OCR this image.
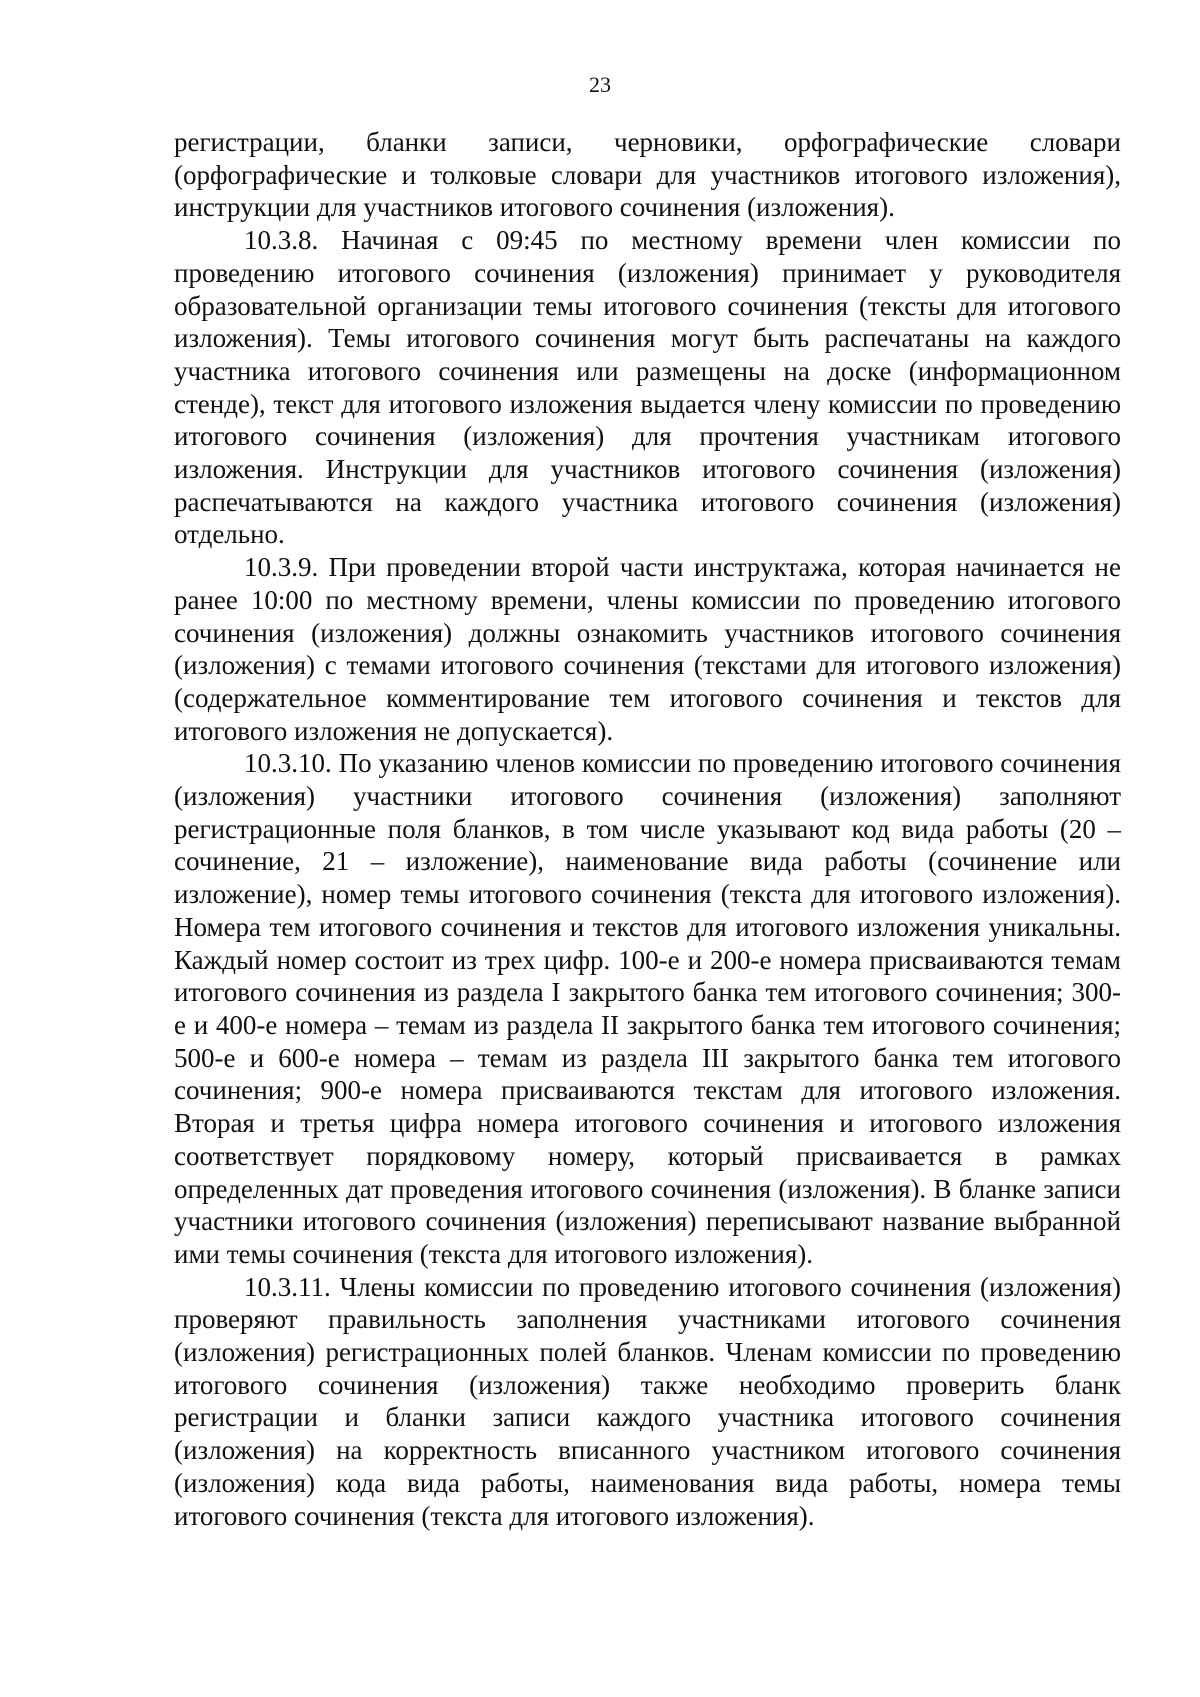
23

регистрации, бланки записи, черновики, орфографические словари (орфографические и толковые словари для участников итогового изложения), инструкции для участников итогового сочинения (изложения).

10.3.8. Начиная с 09:45 по местному времени член комиссии по проведению итогового сочинения (изложения) принимает у руководителя образовательной организации темы итогового сочинения (тексты для итогового изложения). Темы итогового сочинения могут быть распечатаны на каждого участника итогового сочинения или размещены на доске (информационном стенде), текст для итогового изложения выдается члену комиссии по проведению итогового сочинения (изложения) для прочтения участникам итогового изложения. Инструкции для участников итогового сочинения (изложения) распечатываются на каждого участника итогового сочинения (изложения) отдельно.

10.3.9. При проведении второй части инструктажа, которая начинается не ранее 10:00 по местному времени, члены комиссии по проведению итогового сочинения (изложения) должны ознакомить участников итогового сочинения (изложения) с темами итогового сочинения (текстами для итогового изложения) (содержательное комментирование тем итогового сочинения и текстов для итогового изложения не допускается).

10.3.10. По указанию членов комиссии по проведению итогового сочинения (изложения) участники итогового сочинения (изложения) заполняют регистрационные поля бланков, в том числе указывают код вида работы (20 – сочинение, 21 – изложение), наименование вида работы (сочинение или изложение), номер темы итогового сочинения (текста для итогового изложения). Номера тем итогового сочинения и текстов для итогового изложения уникальны. Каждый номер состоит из трех цифр. 100-е и 200-е номера присваиваются темам итогового сочинения из раздела I закрытого банка тем итогового сочинения; 300-е и 400-е номера – темам из раздела II закрытого банка тем итогового сочинения; 500-е и 600-е номера – темам из раздела III закрытого банка тем итогового сочинения; 900-е номера присваиваются текстам для итогового изложения. Вторая и третья цифра номера итогового сочинения и итогового изложения соответствует порядковому номеру, который присваивается в рамках определенных дат проведения итогового сочинения (изложения). В бланке записи участники итогового сочинения (изложения) переписывают название выбранной ими темы сочинения (текста для итогового изложения).

10.3.11. Члены комиссии по проведению итогового сочинения (изложения) проверяют правильность заполнения участниками итогового сочинения (изложения) регистрационных полей бланков. Членам комиссии по проведению итогового сочинения (изложения) также необходимо проверить бланк регистрации и бланки записи каждого участника итогового сочинения (изложения) на корректность вписанного участником итогового сочинения (изложения) кода вида работы, наименования вида работы, номера темы итогового сочинения (текста для итогового изложения).
